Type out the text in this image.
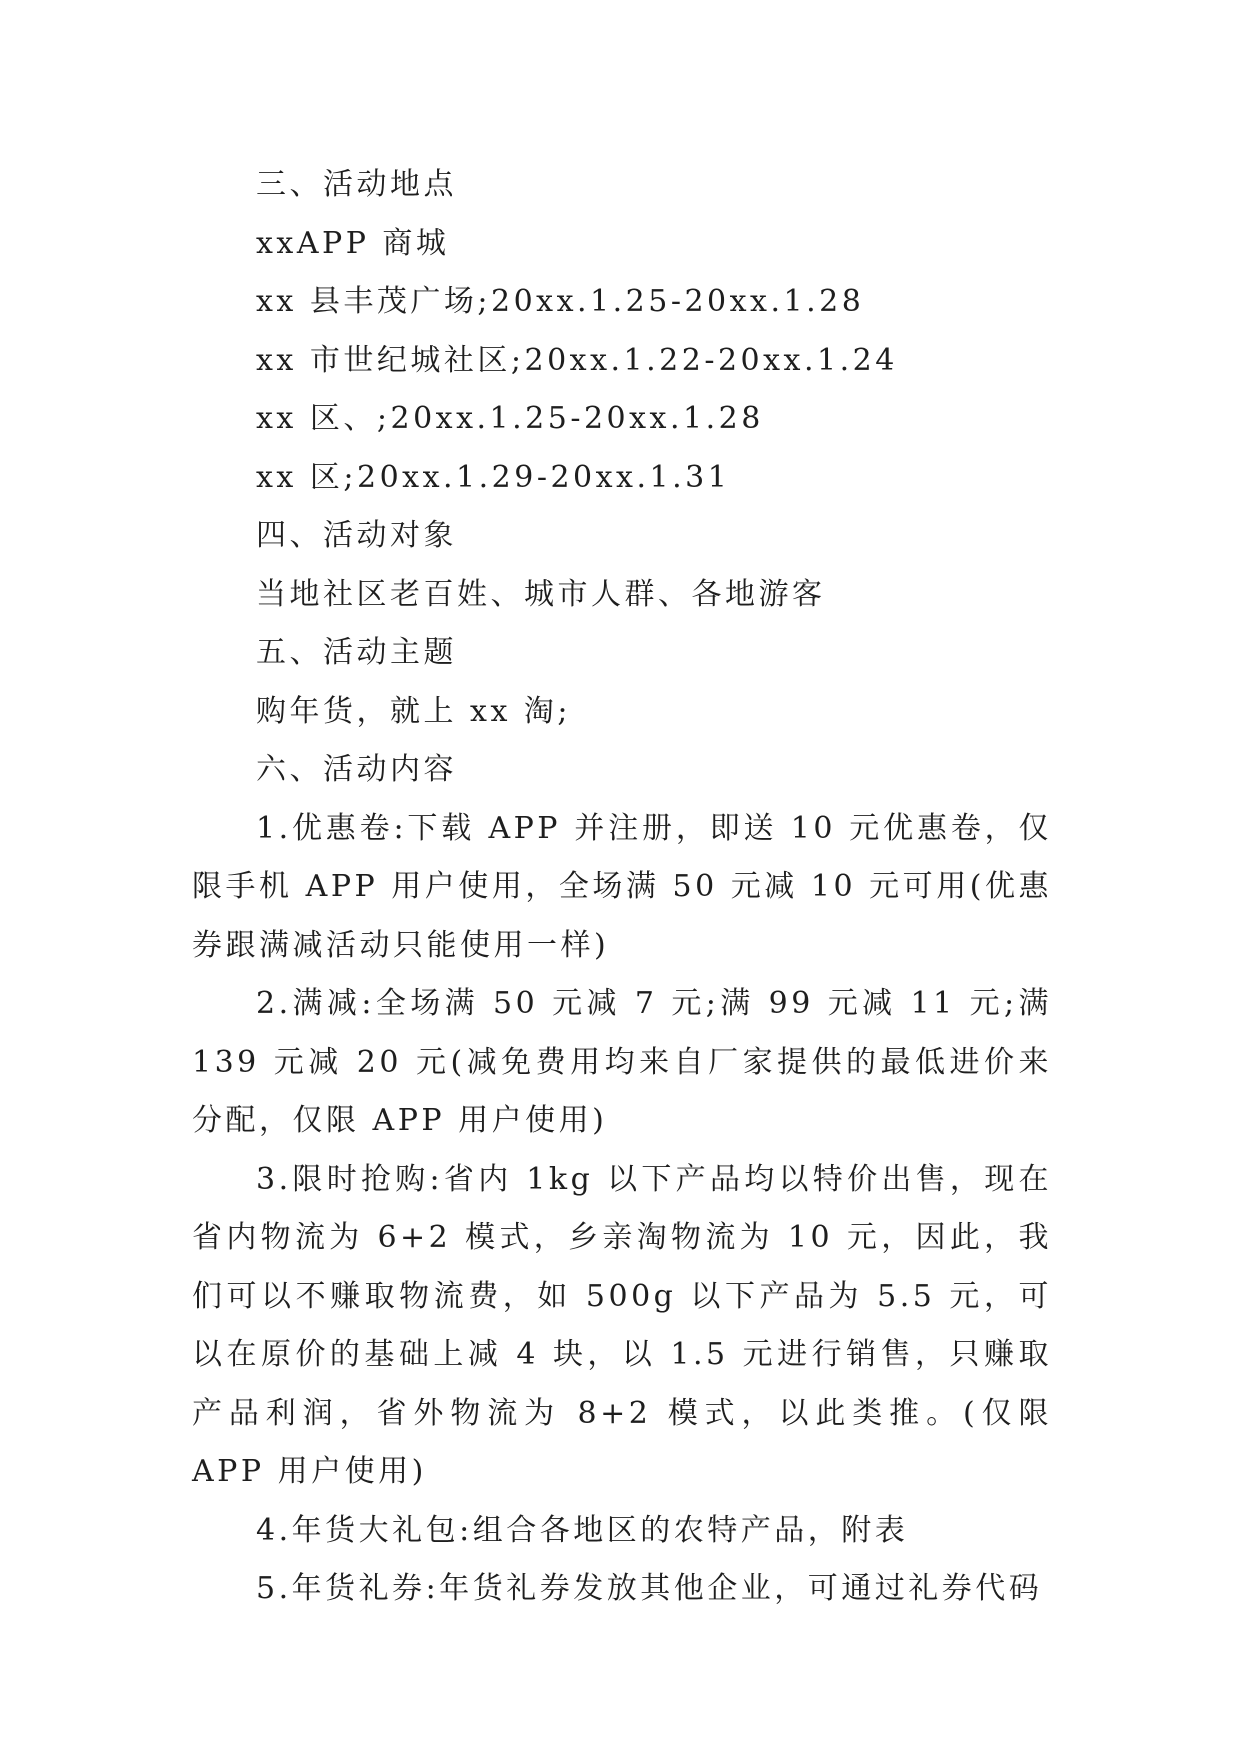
三、活动地点

xxAPP 商城

xx 县丰茂广场;20xx.1.25-20xx.1.28

xx 市世纪城社区;20xx.1.22-20xx.1.24

xx 区、;20xx.1.25-20xx.1.28

xx 区;20xx.1.29-20xx.1.31

四、活动对象

当地社区老百姓、城市人群、各地游客

五、活动主题

购年货，就上 xx 淘;

六、活动内容

1.优惠卷:下载 APP 并注册，即送 10 元优惠卷，仅限手机 APP 用户使用，全场满 50 元减 10 元可用(优惠券跟满减活动只能使用一样)

2.满减:全场满 50 元减 7 元;满 99 元减 11 元;满 139 元减 20 元(减免费用均来自厂家提供的最低进价来分配，仅限 APP 用户使用)

3.限时抢购:省内 1kg 以下产品均以特价出售，现在省内物流为 6+2 模式，乡亲淘物流为 10 元，因此，我们可以不赚取物流费，如 500g 以下产品为 5.5 元，可以在原价的基础上减 4 块，以 1.5 元进行销售，只赚取产品利润，省外物流为 8+2 模式，以此类推。(仅限 APP 用户使用)

4.年货大礼包:组合各地区的农特产品，附表

5.年货礼券:年货礼券发放其他企业，可通过礼券代码
